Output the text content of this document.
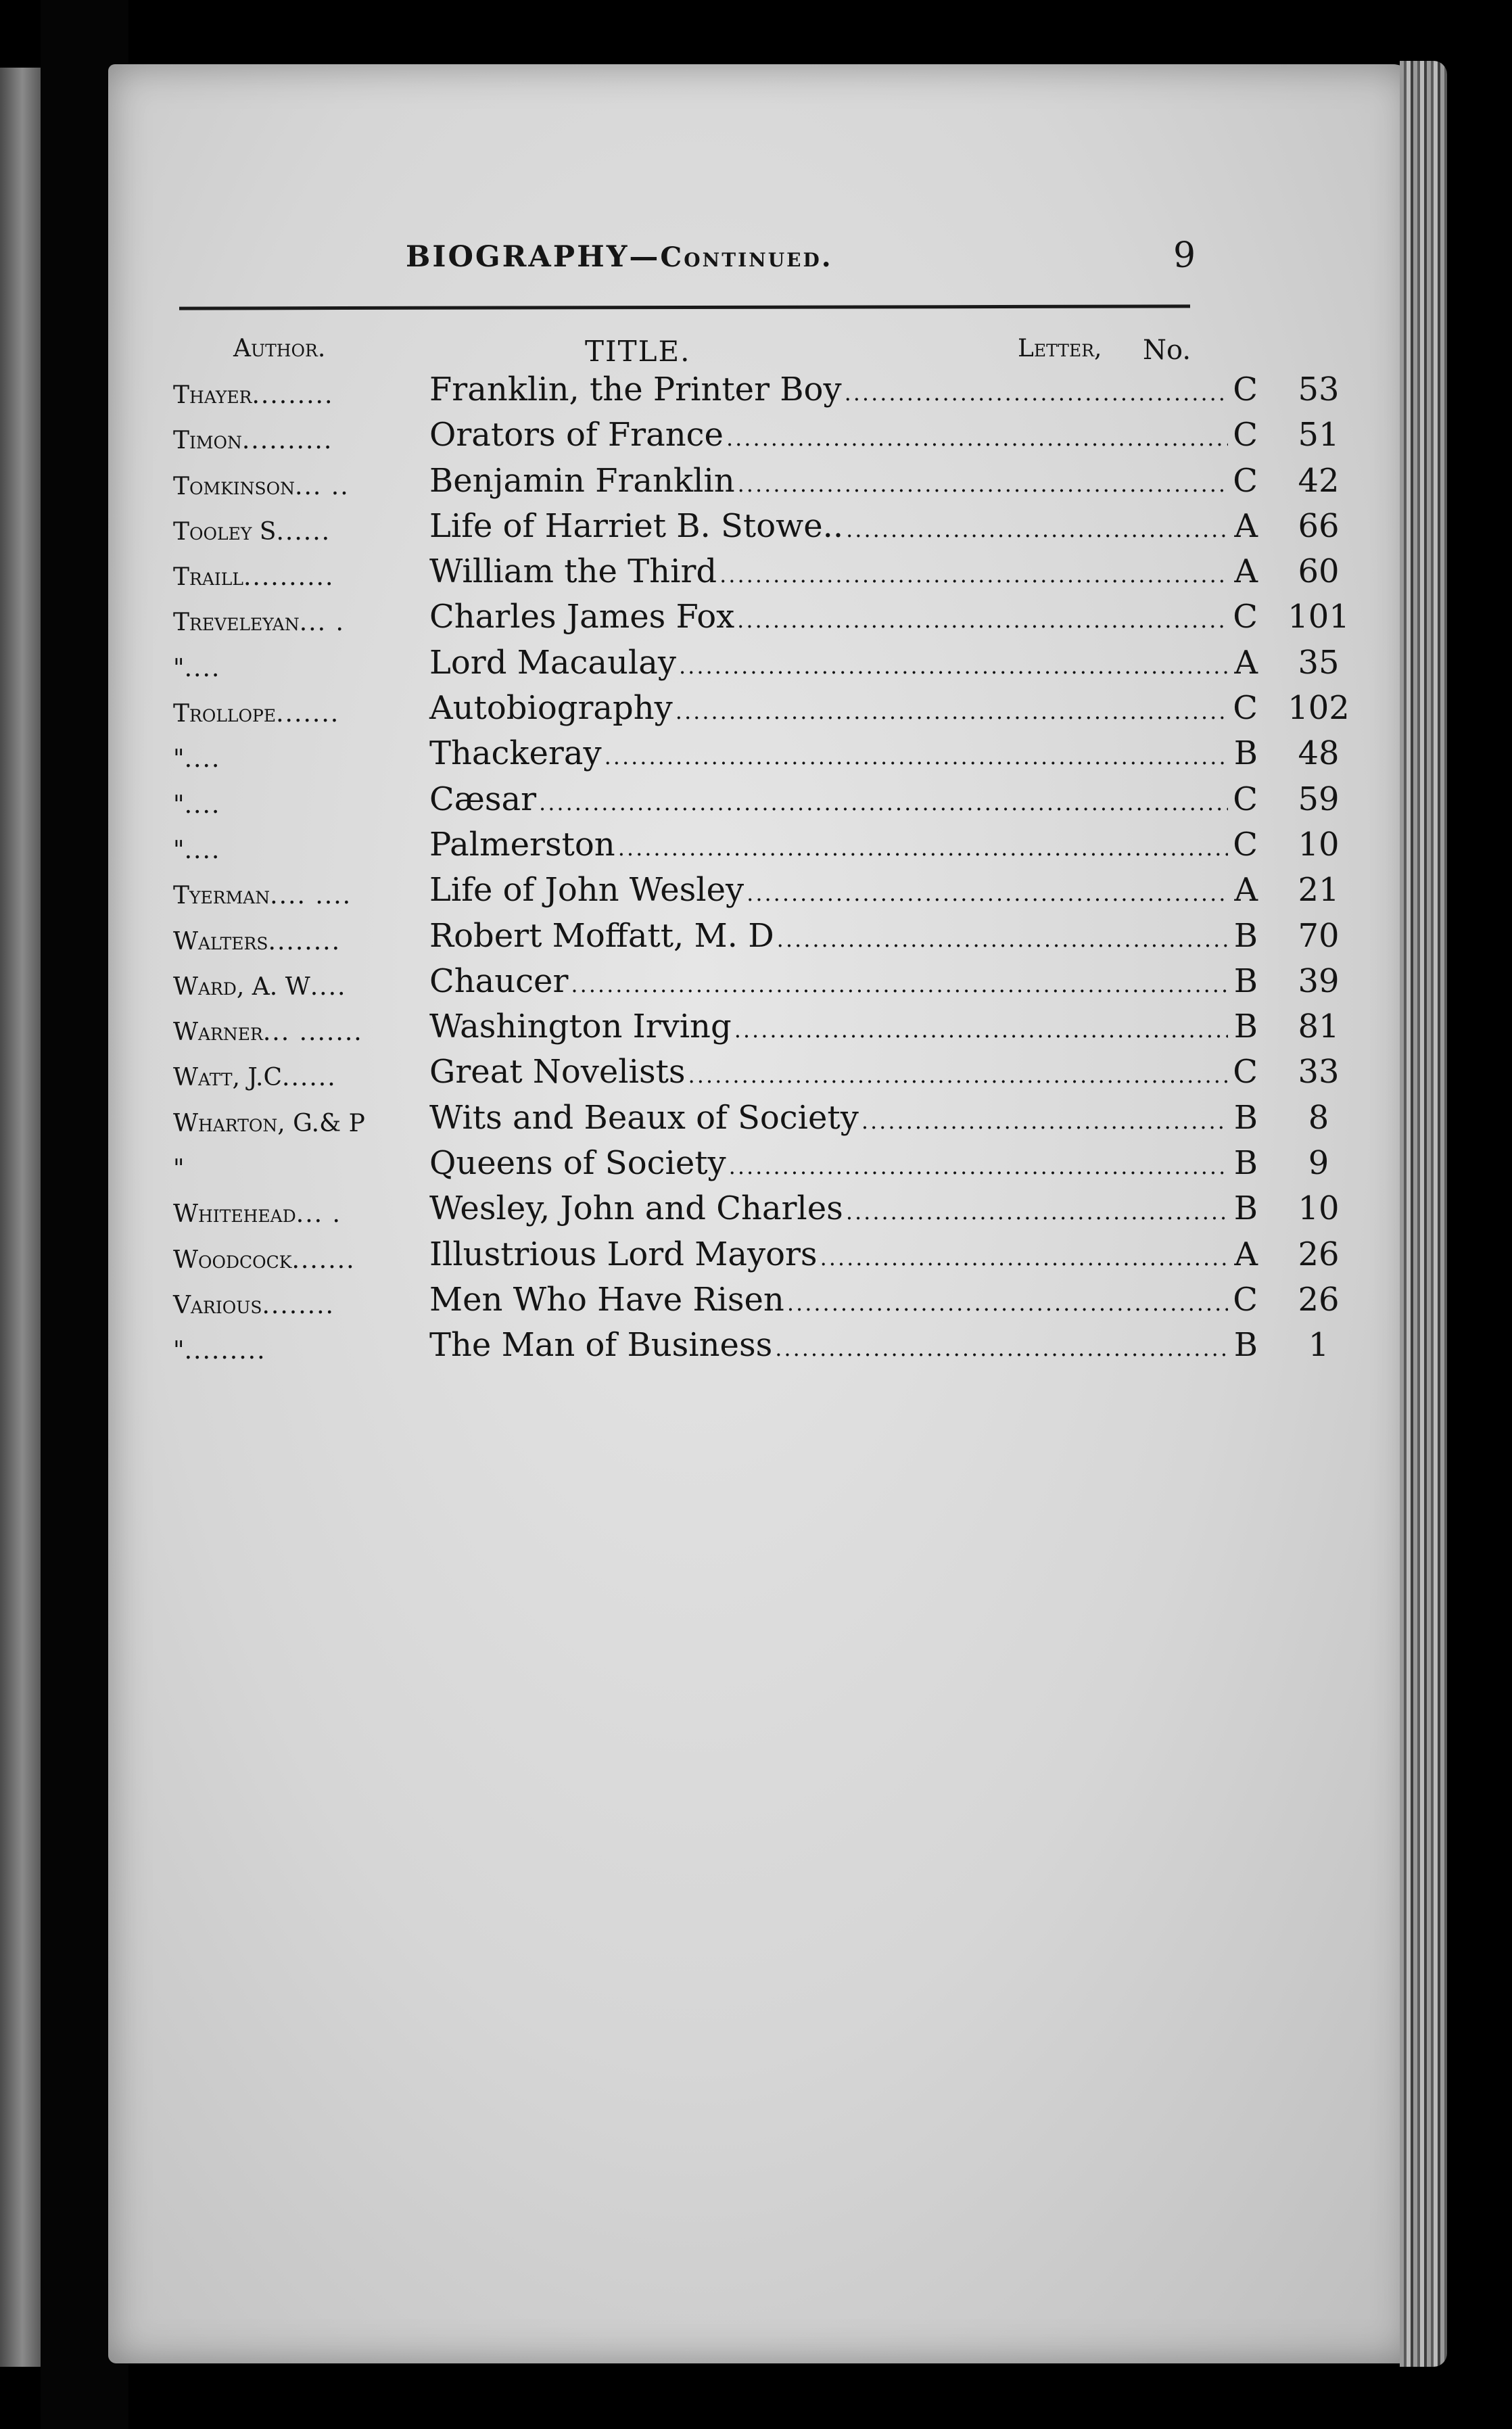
BIOGRAPHY—Continued.	9
Author.	TITLE.	Letter, No.
Thayer.........	Franklin, the Printer Boy .....	C	53
Timon..........	Orators of France .....	C	51
Tomkinson... .. Benjamin Franklin .....	C	42
Tooley S......	Life of Harriet B. Stowe.. .....	A	66
Traill..........	William the Third .....	A	60
Treveleyan... .	Charles James Fox .....	C 101
"....	Lord Macaulay .....	A	35
Trollope.......	Autobiography .....	C 102
"....	Thackeray .....	B	48
"....	Cæsar .....	C	59
"....	Palmerston .....	C	10
Tyerman.... .... Life of John Wesley .....	A	21
Walters........	Robert Moffatt, M. D .....	B	70
Ward, A. W....	Chaucer .....	B	39
Warner... ....... Washington Irving .....	B	81
Watt, J.C......	Great Novelists .....	C	33
Wharton, G.& P Wits and Beaux of Society .....	B	8
"	Queens of Society .....	B	9
Whitehead... .	Wesley, John and Charles .....	B	10
Woodcock....... Illustrious Lord Mayors .....	A	26
Various........	Men Who Have Risen .....	C	26
".........	The Man of Business .....	B	1
